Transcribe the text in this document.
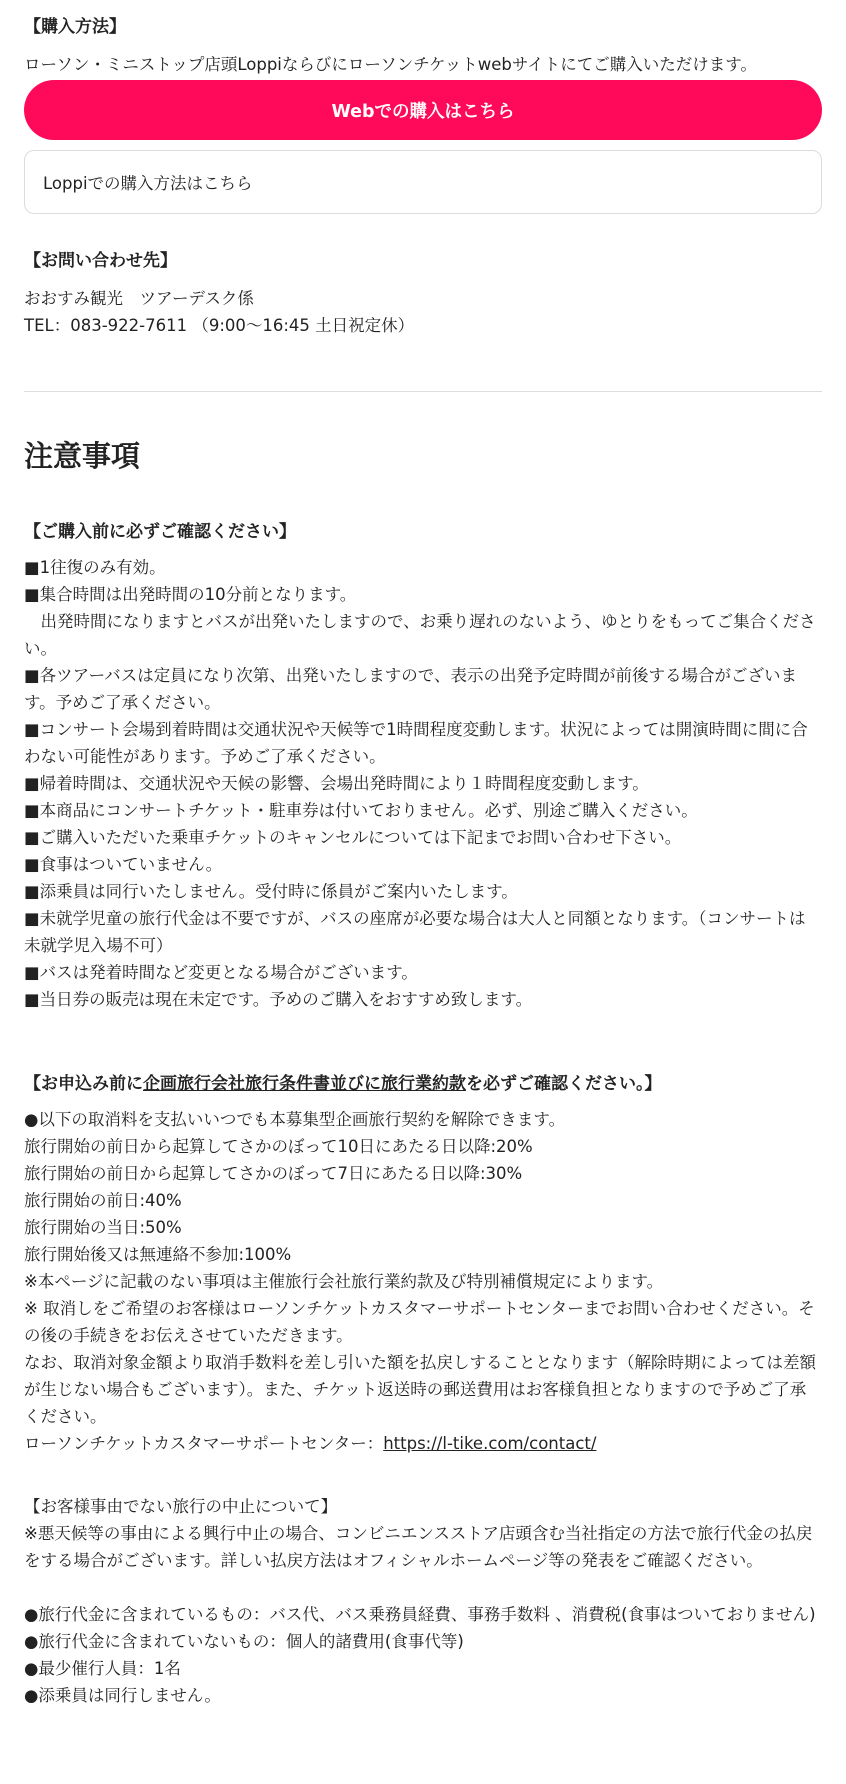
【購入方法】
ローソン・ミニストップ店頭Loppiならびにローソンチケットwebサイトにてご購入いただけます。
Webでの購入はこちら
Loppiでの購入方法はこちら
【お問い合わせ先】
おおすみ観光　ツアーデスク係
TEL：083-922-7611 （9:00～16:45 土日祝定休）
注意事項
【ご購入前に必ずご確認ください】
■1往復のみ有効。
■集合時間は出発時間の10分前となります。
　出発時間になりますとバスが出発いたしますので、お乗り遅れのないよう、ゆとりをもってご集合ください。
■各ツアーバスは定員になり次第、出発いたしますので、表示の出発予定時間が前後する場合がございます。予めご了承ください。
■コンサート会場到着時間は交通状況や天候等で1時間程度変動します。状況によっては開演時間に間に合わない可能性があります。予めご了承ください。
■帰着時間は、交通状況や天候の影響、会場出発時間により１時間程度変動します。
■本商品にコンサートチケット・駐車券は付いておりません。必ず、別途ご購入ください。
■ご購入いただいた乗車チケットのキャンセルについては下記までお問い合わせ下さい。
■食事はついていません。
■添乗員は同行いたしません。受付時に係員がご案内いたします。
■未就学児童の旅行代金は不要ですが、バスの座席が必要な場合は大人と同額となります。（コンサートは未就学児入場不可）
■バスは発着時間など変更となる場合がございます。
■当日券の販売は現在未定です。予めのご購入をおすすめ致します。
【お申込み前に企画旅行会社旅行条件書並びに旅行業約款を必ずご確認ください。】
●以下の取消料を支払いいつでも本募集型企画旅行契約を解除できます。
旅行開始の前日から起算してさかのぼって10日にあたる日以降:20%
旅行開始の前日から起算してさかのぼって7日にあたる日以降:30%
旅行開始の前日:40%
旅行開始の当日:50%
旅行開始後又は無連絡不参加:100%
※本ページに記載のない事項は主催旅行会社旅行業約款及び特別補償規定によります。
※ 取消しをご希望のお客様はローソンチケットカスタマーサポートセンターまでお問い合わせください。その後の手続きをお伝えさせていただきます。
なお、取消対象金額より取消手数料を差し引いた額を払戻しすることとなります（解除時期によっては差額が生じない場合もございます）。また、チケット返送時の郵送費用はお客様負担となりますので予めご了承ください。
ローソンチケットカスタマーサポートセンター：https://l-tike.com/contact/
【お客様事由でない旅行の中止について】
※悪天候等の事由による興行中止の場合、コンビニエンスストア店頭含む当社指定の方法で旅行代金の払戻をする場合がございます。詳しい払戻方法はオフィシャルホームページ等の発表をご確認ください。
●旅行代金に含まれているもの：バス代、バス乗務員経費、事務手数料 、消費税(食事はついておりません)
●旅行代金に含まれていないもの：個人的諸費用(食事代等)
●最少催行人員：1名
●添乗員は同行しません。
